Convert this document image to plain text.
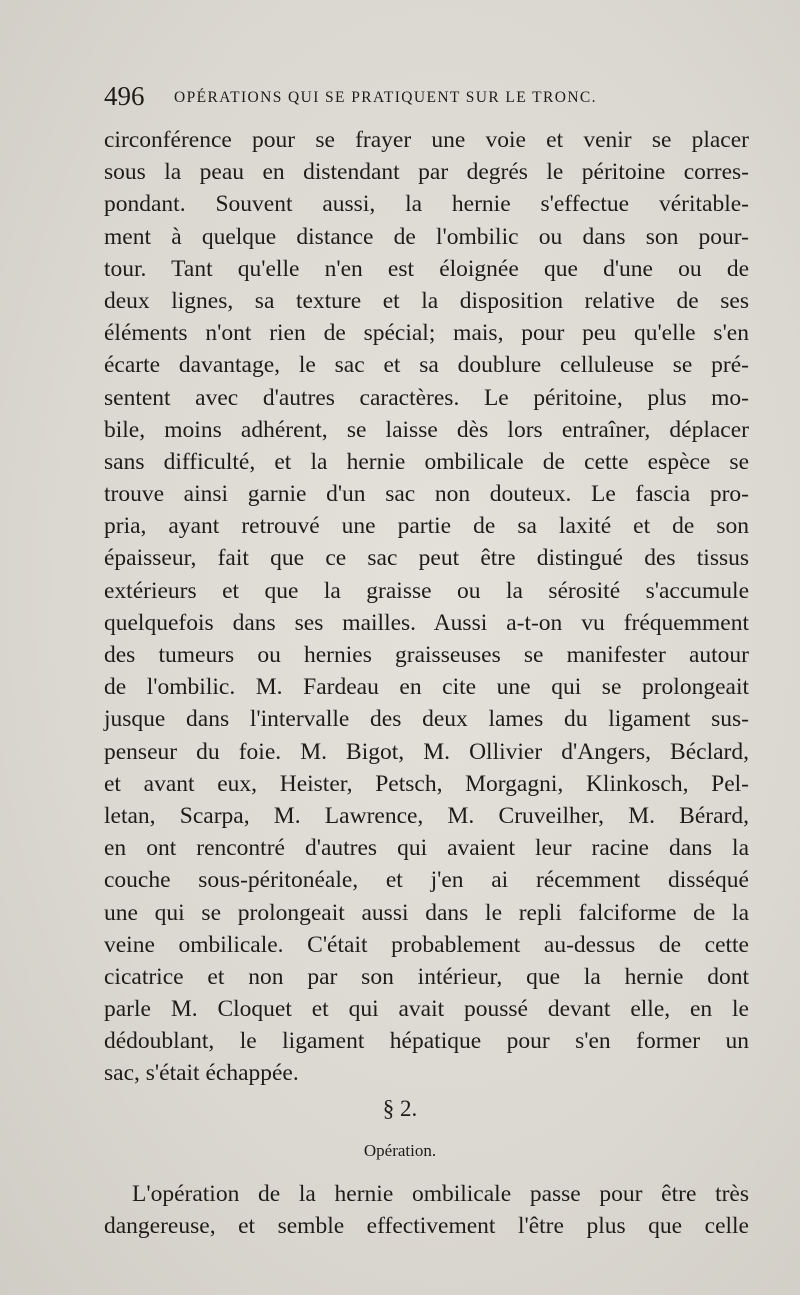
496 OPÉRATIONS QUI SE PRATIQUENT SUR LE TRONC.
circonférence pour se frayer une voie et venir se placer
sous la peau en distendant par degrés le péritoine corres-
pondant. Souvent aussi, la hernie s'effectue véritable-
ment à quelque distance de l'ombilic ou dans son pour-
tour. Tant qu'elle n'en est éloignée que d'une ou de
deux lignes, sa texture et la disposition relative de ses
éléments n'ont rien de spécial; mais, pour peu qu'elle s'en
écarte davantage, le sac et sa doublure celluleuse se pré-
sentent avec d'autres caractères. Le péritoine, plus mo-
bile, moins adhérent, se laisse dès lors entraîner, déplacer
sans difficulté, et la hernie ombilicale de cette espèce se
trouve ainsi garnie d'un sac non douteux. Le fascia pro-
pria, ayant retrouvé une partie de sa laxité et de son
épaisseur, fait que ce sac peut être distingué des tissus
extérieurs et que la graisse ou la sérosité s'accumule
quelquefois dans ses mailles. Aussi a-t-on vu fréquemment
des tumeurs ou hernies graisseuses se manifester autour
de l'ombilic. M. Fardeau en cite une qui se prolongeait
jusque dans l'intervalle des deux lames du ligament sus-
penseur du foie. M. Bigot, M. Ollivier d'Angers, Béclard,
et avant eux, Heister, Petsch, Morgagni, Klinkosch, Pel-
letan, Scarpa, M. Lawrence, M. Cruveilher, M. Bérard,
en ont rencontré d'autres qui avaient leur racine dans la
couche sous-péritonéale, et j'en ai récemment disséqué
une qui se prolongeait aussi dans le repli falciforme de la
veine ombilicale. C'était probablement au-dessus de cette
cicatrice et non par son intérieur, que la hernie dont
parle M. Cloquet et qui avait poussé devant elle, en le
dédoublant, le ligament hépatique pour s'en former un
sac, s'était échappée.
§ 2.
Opération.
L'opération de la hernie ombilicale passe pour être très
dangereuse, et semble effectivement l'être plus que celle
